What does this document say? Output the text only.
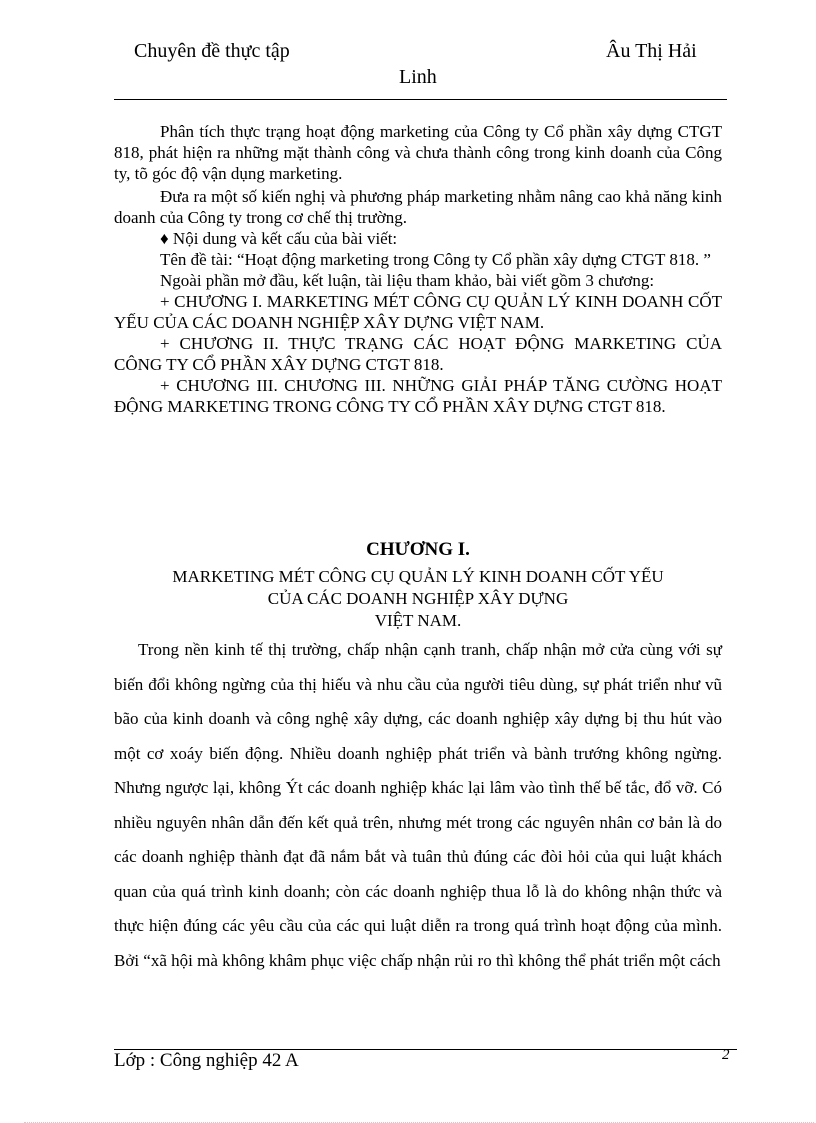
Chuyên đề thực tập	Âu Thị Hải
Linh

Phân tích thực trạng hoạt động marketing của Công ty Cổ phần xây dựng CTGT 818, phát hiện ra những mặt thành công và chưa thành công trong kinh doanh của Công ty, tõ góc độ vận dụng marketing.

Đưa ra một số kiến nghị và phương pháp marketing nhằm nâng cao khả năng kinh doanh của Công ty trong cơ chế thị trường.

♦ Nội dung và kết cấu của bài viết:

Tên đề tài: “Hoạt động marketing trong Công ty Cổ phần xây dựng CTGT 818. ”

Ngoài phần mở đầu, kết luận, tài liệu tham khảo, bài viết gồm 3 chương:

+ CHƯƠNG I. MARKETING MÉT CÔNG CỤ QUẢN LÝ KINH DOANH CỐT YẾU CỦA CÁC DOANH NGHIỆP XÂY DỰNG VIỆT NAM.

+ CHƯƠNG II. THỰC TRẠNG CÁC HOẠT ĐỘNG MARKETING CỦA CÔNG TY CỔ PHẦN XÂY DỰNG CTGT 818.

+ CHƯƠNG III. CHƯƠNG III. NHỮNG GIẢI PHÁP TĂNG CƯỜNG HOẠT ĐỘNG MARKETING TRONG CÔNG TY CỔ PHẦN XÂY DỰNG CTGT 818.

CHƯƠNG I.
MARKETING MÉT CÔNG CỤ QUẢN LÝ KINH DOANH CỐT YẾU
CỦA CÁC DOANH NGHIỆP XÂY DỰNG
VIỆT NAM.

Trong nền kinh tế thị trường, chấp nhận cạnh tranh, chấp nhận mở cửa cùng với sự biến đổi không ngừng của thị hiếu và nhu cầu của người tiêu dùng, sự phát triển như vũ bão của kinh doanh và công nghệ xây dựng, các doanh nghiệp xây dựng bị thu hút vào một cơ xoáy biến động. Nhiều doanh nghiệp phát triển và bành trướng không ngừng. Nhưng ngược lại, không Ýt các doanh nghiệp khác lại lâm vào tình thế bế tắc, đổ vỡ. Có nhiều nguyên nhân dẫn đến kết quả trên, nhưng mét trong các nguyên nhân cơ bản là do các doanh nghiệp thành đạt đã nắm bắt và tuân thủ đúng các đòi hỏi của qui luật khách quan của quá trình kinh doanh; còn các doanh nghiệp thua lỗ là do không nhận thức và thực hiện đúng các yêu cầu của các qui luật diễn ra trong quá trình hoạt động của mình. Bởi “xã hội mà không khâm phục việc chấp nhận rủi ro thì không thể phát triển một cách

Lớp : Công nghiệp 42 A	2
